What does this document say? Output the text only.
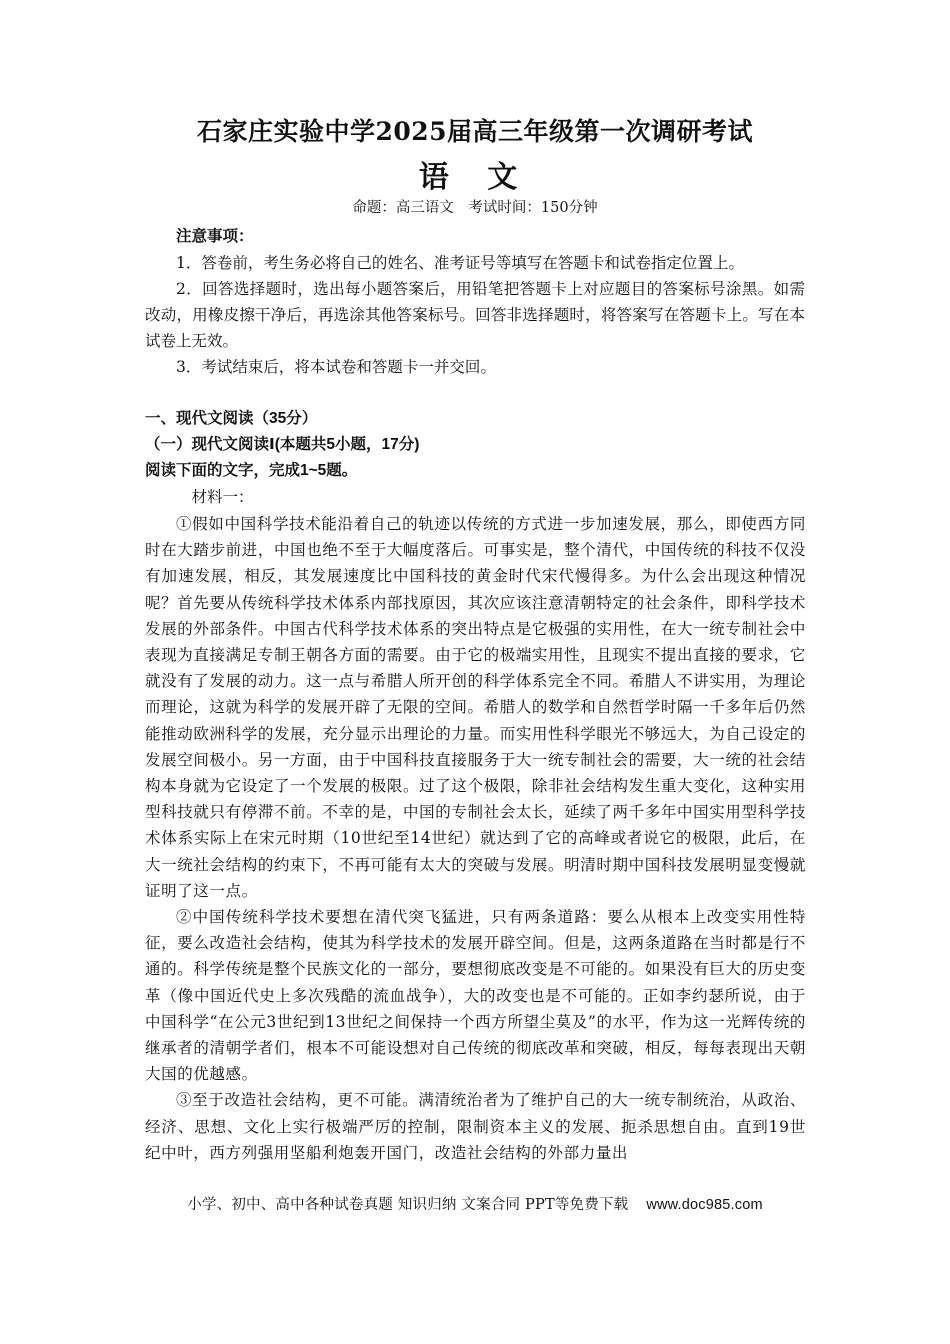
石家庄实验中学2025届高三年级第一次调研考试
语 文
命题：高三语文　考试时间：150分钟

注意事项：

1．答卷前，考生务必将自己的姓名、准考证号等填写在答题卡和试卷指定位置上。

2．回答选择题时，选出每小题答案后，用铅笔把答题卡上对应题目的答案标号涂黑。如需改动，用橡皮擦干净后，再选涂其他答案标号。回答非选择题时，将答案写在答题卡上。写在本试卷上无效。

3．考试结束后，将本试卷和答题卡一并交回。

一、现代文阅读（35分）
（一）现代文阅读Ⅰ(本题共5小题，17分)
阅读下面的文字，完成1~5题。
材料一：

①假如中国科学技术能沿着自己的轨迹以传统的方式进一步加速发展，那么，即使西方同时在大踏步前进，中国也绝不至于大幅度落后。可事实是，整个清代，中国传统的科技不仅没有加速发展，相反，其发展速度比中国科技的黄金时代宋代慢得多。为什么会出现这种情况呢？首先要从传统科学技术体系内部找原因，其次应该注意清朝特定的社会条件，即科学技术发展的外部条件。中国古代科学技术体系的突出特点是它极强的实用性，在大一统专制社会中表现为直接满足专制王朝各方面的需要。由于它的极端实用性，且现实不提出直接的要求，它就没有了发展的动力。这一点与希腊人所开创的科学体系完全不同。希腊人不讲实用，为理论而理论，这就为科学的发展开辟了无限的空间。希腊人的数学和自然哲学时隔一千多年后仍然能推动欧洲科学的发展，充分显示出理论的力量。而实用性科学眼光不够远大，为自己设定的发展空间极小。另一方面，由于中国科技直接服务于大一统专制社会的需要，大一统的社会结构本身就为它设定了一个发展的极限。过了这个极限，除非社会结构发生重大变化，这种实用型科技就只有停滞不前。不幸的是，中国的专制社会太长，延续了两千多年中国实用型科学技术体系实际上在宋元时期（10世纪至14世纪）就达到了它的高峰或者说它的极限，此后，在大一统社会结构的约束下，不再可能有太大的突破与发展。明清时期中国科技发展明显变慢就证明了这一点。

②中国传统科学技术要想在清代突飞猛进，只有两条道路：要么从根本上改变实用性特征，要么改造社会结构，使其为科学技术的发展开辟空间。但是，这两条道路在当时都是行不通的。科学传统是整个民族文化的一部分，要想彻底改变是不可能的。如果没有巨大的历史变革（像中国近代史上多次残酷的流血战争），大的改变也是不可能的。正如李约瑟所说，由于中国科学“在公元3世纪到13世纪之间保持一个西方所望尘莫及”的水平，作为这一光辉传统的继承者的清朝学者们，根本不可能设想对自己传统的彻底改革和突破，相反，每每表现出天朝大国的优越感。

③至于改造社会结构，更不可能。满清统治者为了维护自己的大一统专制统治，从政治、经济、思想、文化上实行极端严厉的控制，限制资本主义的发展、扼杀思想自由。直到19世纪中叶，西方列强用坚船利炮轰开国门，改造社会结构的外部力量出

小学、初中、高中各种试卷真题 知识归纳 文案合同 PPT等免费下载 www.doc985.com
